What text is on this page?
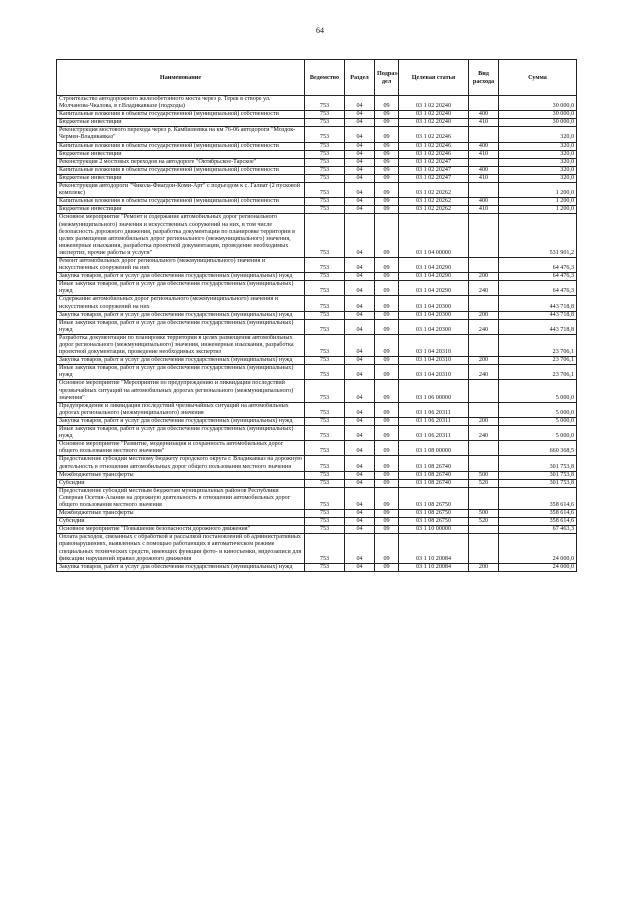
64
Наименование	Ведомство	Раздел	Подраз-дел	Целевая статья	Вид расхода	Сумма
Строительство автодорожного железобетонного моста через р. Терек в створе ул. Молчанова-Чкалова, в г.Владикавказе (подходы)	753	04	09	03 1 02 20240		30 000,0
Капитальные вложения в объекты государственной (муниципальной) собственности	753	04	09	03 1 02 20240	400	30 000,0
Бюджетные инвестиции	753	04	09	03 1 02 20240	410	30 000,0
Реконструкция мостового перехода через р. Камбилеевка на км 76-06 автодороги "Моздок-Чермен-Владикавказ"	753	04	09	03 1 02 20246		320,0
Капитальные вложения в объекты государственной (муниципальной) собственности	753	04	09	03 1 02 20246	400	320,0
Бюджетные инвестиции	753	04	09	03 1 02 20246	410	320,0
Реконструкция 2 мостовых переходов на автодороге "Октябрьское-Тарское"	753	04	09	03 1 02 20247		320,0
Капитальные вложения в объекты государственной (муниципальной) собственности	753	04	09	03 1 02 20247	400	320,0
Бюджетные инвестиции	753	04	09	03 1 02 20247	410	320,0
Реконструкция автодороги "Чикола-Фиагдон-Коми-Арт" с подъездом к с. Галиат (2 пусковой комплекс)	753	04	09	03 1 02 20262		1 200,0
Капитальные вложения в объекты государственной (муниципальной) собственности	753	04	09	03 1 02 20262	400	1 200,0
Бюджетные инвестиции	753	04	09	03 1 02 20262	410	1 200,0
Основное мероприятие "Ремонт и содержание автомобильных дорог регионального (межмуниципального) значения и искусственных сооружений на них, в том числе безопасность дорожного движения, разработка документации по планировке территории в целях размещения автомобильных дорог регионального (межмуниципального) значения, инженерные изыскания, разработка проектной документации, проведение необходимых экспертиз, прочие работы и услуги"	753	04	09	03 1 04 00000		531 901,2
Ремонт автомобильных дорог регионального (межмуниципального) значения и искусственных сооружений на них	753	04	09	03 1 04 20290		64 476,3
Закупка товаров, работ и услуг для обеспечения государственных (муниципальных) нужд	753	04	09	03 1 04 20290	200	64 476,3
Иные закупки товаров, работ и услуг для обеспечения государственных (муниципальных) нужд	753	04	09	03 1 04 20290	240	64 476,3
Содержание автомобильных дорог регионального (межмуниципального) значения и искусственных сооружений на них	753	04	09	03 1 04 20300		443 718,8
Закупка товаров, работ и услуг для обеспечения государственных (муниципальных) нужд	753	04	09	03 1 04 20300	200	443 718,8
Иные закупки товаров, работ и услуг для обеспечения государственных (муниципальных) нужд	753	04	09	03 1 04 20300	240	443 718,8
Разработка документации по планировке территории в целях размещения автомобильных дорог регионального (межмуниципального) значения, инженерные изыскания, разработка проектной документации, проведение необходимых экспертиз	753	04	09	03 1 04 20310		23 706,1
Закупка товаров, работ и услуг для обеспечения государственных (муниципальных) нужд	753	04	09	03 1 04 20310	200	23 706,1
Иные закупки товаров, работ и услуг для обеспечения государственных (муниципальных) нужд	753	04	09	03 1 04 20310	240	23 706,1
Основное мероприятие "Мероприятия по предупреждению и ликвидации последствий чрезвычайных ситуаций на автомобильных дорогах регионального (межмуниципального) значения"	753	04	09	03 1 06 00000		5 000,0
Предупреждение и ликвидация последствий чрезвычайных ситуаций на автомобильных дорогах регионального (межмуниципального) значения	753	04	09	03 1 06 20311		5 000,0
Закупка товаров, работ и услуг для обеспечения государственных (муниципальных) нужд	753	04	09	03 1 06 20311	200	5 000,0
Иные закупки товаров, работ и услуг для обеспечения государственных (муниципальных) нужд	753	04	09	03 1 06 20311	240	5 000,0
Основное мероприятие "Развитие, модернизация и сохранность автомобильных дорог общего пользования местного значения"	753	04	09	03 1 08 00000		660 368,5
Предоставление субсидии местному бюджету городского округа г. Владикавказ на дорожную деятельность в отношении автомобильных дорог общего пользования местного значения	753	04	09	03 1 08 26740		301 753,8
Межбюджетные трансферты	753	04	09	03 1 08 26740	500	301 753,8
Субсидии	753	04	09	03 1 08 26740	520	301 753,8
Предоставление субсидий местным бюджетам муниципальных районов Республики Северная Осетия-Алания на дорожную деятельность в отношении автомобильных дорог общего пользования местного значения	753	04	09	03 1 08 26750		358 614,6
Межбюджетные трансферты	753	04	09	03 1 08 26750	500	358 614,6
Субсидии	753	04	09	03 1 08 26750	520	358 614,6
Основное мероприятие "Повышение безопасности дорожного движения"	753	04	09	03 1 10 00000		67 463,3
Оплата расходов, связанных с обработкой и рассылкой постановлений об административных правонарушениях, выявленных с помощью работающих в автоматическом режиме специальных технических средств, имеющих функции фото- и киносъемки, видеозаписи для фиксации нарушений правил дорожного движения	753	04	09	03 1 10 20084		24 000,0
Закупка товаров, работ и услуг для обеспечения государственных (муниципальных) нужд	753	04	09	03 1 10 20084	200	24 000,0
